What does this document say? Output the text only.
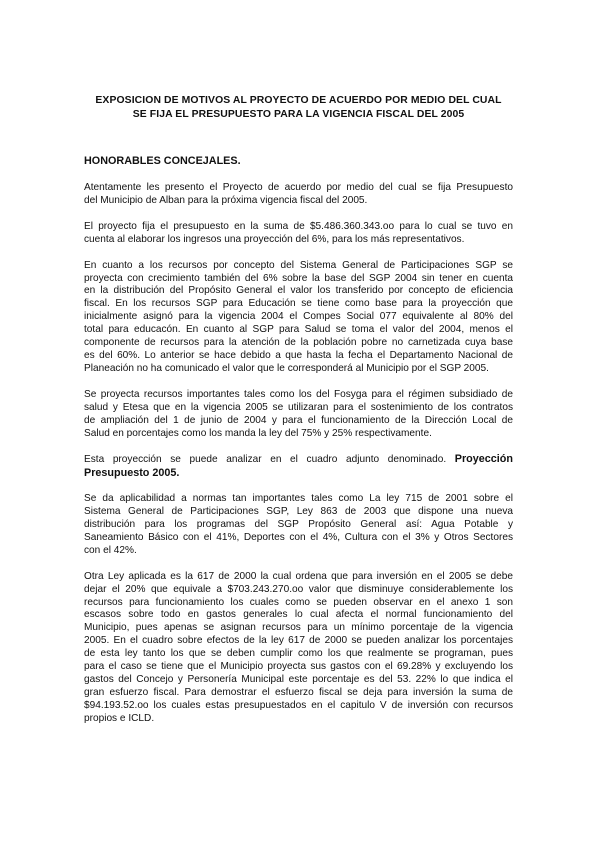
EXPOSICION DE MOTIVOS AL PROYECTO DE ACUERDO POR MEDIO DEL CUAL
SE FIJA EL PRESUPUESTO PARA LA VIGENCIA FISCAL DEL 2005
HONORABLES CONCEJALES.

Atentamente les presento el Proyecto de acuerdo por medio del cual se fija Presupuesto
del Municipio de Alban para la próxima vigencia fiscal del 2005.

El proyecto fija el presupuesto en la suma de $5.486.360.343.oo para lo cual se tuvo en
cuenta al elaborar los ingresos una proyección del 6%, para los más representativos.

En cuanto a los recursos por concepto del Sistema General de Participaciones SGP se
proyecta con crecimiento también del 6% sobre la base del SGP 2004 sin tener en cuenta
en la distribución del Propósito General el valor los transferido por concepto de eficiencia
fiscal. En los recursos SGP para Educación se tiene como base para la proyección que
inicialmente asignó para la vigencia 2004 el Compes Social 077 equivalente al 80% del
total para educacón. En cuanto al SGP para Salud se toma el valor del 2004, menos el
componente de recursos para la atención de la población pobre no carnetizada cuya base
es del 60%. Lo anterior se hace debido a que hasta la fecha el Departamento Nacional de
Planeación no ha comunicado el valor que le corresponderá al Municipio por el SGP 2005.

Se proyecta recursos importantes tales como los del Fosyga para el régimen subsidiado de
salud y Etesa que en la vigencia 2005 se utilizaran para el sostenimiento de los contratos
de ampliación del 1 de junio de 2004 y para el funcionamiento de la Dirección Local de
Salud en porcentajes como los manda la ley del 75% y 25% respectivamente.

Esta proyección se puede analizar en el cuadro adjunto denominado. Proyección
Presupuesto 2005.

Se da aplicabilidad a normas tan importantes tales como La ley 715 de 2001 sobre el
Sistema General de Participaciones SGP, Ley 863 de 2003 que dispone una nueva
distribución para los programas del SGP Propósito General así: Agua Potable y
Saneamiento Básico con el 41%, Deportes con el 4%, Cultura con el 3% y Otros Sectores
con el 42%.

Otra Ley aplicada es la 617 de 2000 la cual ordena que para inversión en el 2005 se debe
dejar el 20% que equivale a $703.243.270.oo valor que disminuye considerablemente los
recursos para funcionamiento los cuales como se pueden observar en el anexo 1 son
escasos sobre todo en gastos generales lo cual afecta el normal funcionamiento del
Municipio, pues apenas se asignan recursos para un mínimo porcentaje de la vigencia
2005. En el cuadro sobre efectos de la ley 617 de 2000 se pueden analizar los porcentajes
de esta ley tanto los que se deben cumplir como los que realmente se programan, pues
para el caso se tiene que el Municipio proyecta sus gastos con el 69.28% y excluyendo los
gastos del Concejo y Personería Municipal este porcentaje es del 53. 22% lo que indica el
gran esfuerzo fiscal. Para demostrar el esfuerzo fiscal se deja para inversión la suma de
$94.193.52.oo los cuales estas presupuestados en el capitulo V de inversión con recursos
propios e ICLD.
